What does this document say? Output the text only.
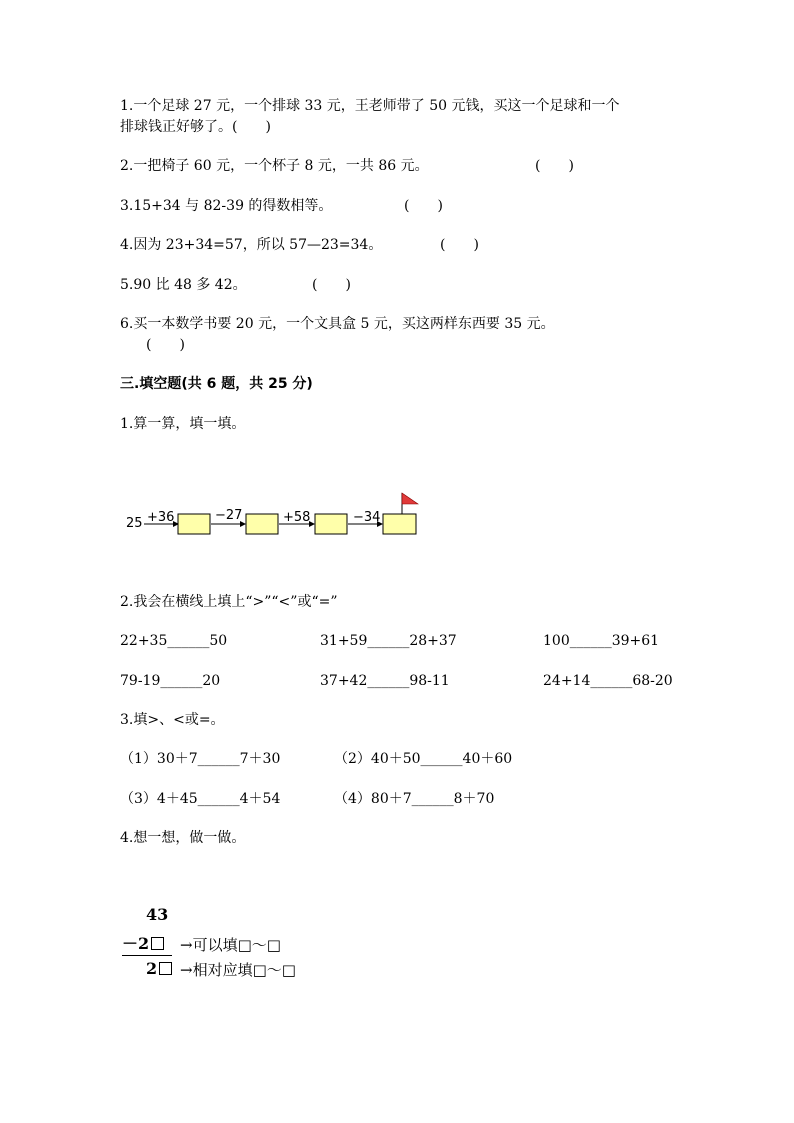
1.一个足球 27 元，一个排球 33 元，王老师带了 50 元钱，买这一个足球和一个
排球钱正好够了。(　　)
2.一把椅子 60 元，一个杯子 8 元，一共 86 元。	(　　)
3.15+34 与 82-39 的得数相等。	(　　)
4.因为 23+34=57，所以 57—23=34。	(　　)
5.90 比 48 多 42。	(　　)
6.买一本数学书要 20 元，一个文具盒 5 元，买这两样东西要 35 元。
(　　)
三.填空题(共 6 题，共 25 分)
1.算一算，填一填。
25 +36	−27	+58	−34
2.我会在横线上填上“>”“<”或“=”
22+35______50	31+59______28+37	100______39+61
79-19______20	37+42______98-11	24+14______68-20
3.填>、<或=。
（1）30＋7______7＋30	（2）40＋50______40＋60
（3）4＋45______4＋54	（4）80＋7______8＋70
4.想一想，做一做。
43
－2
2
→可以填□～□
→相对应填□～□
